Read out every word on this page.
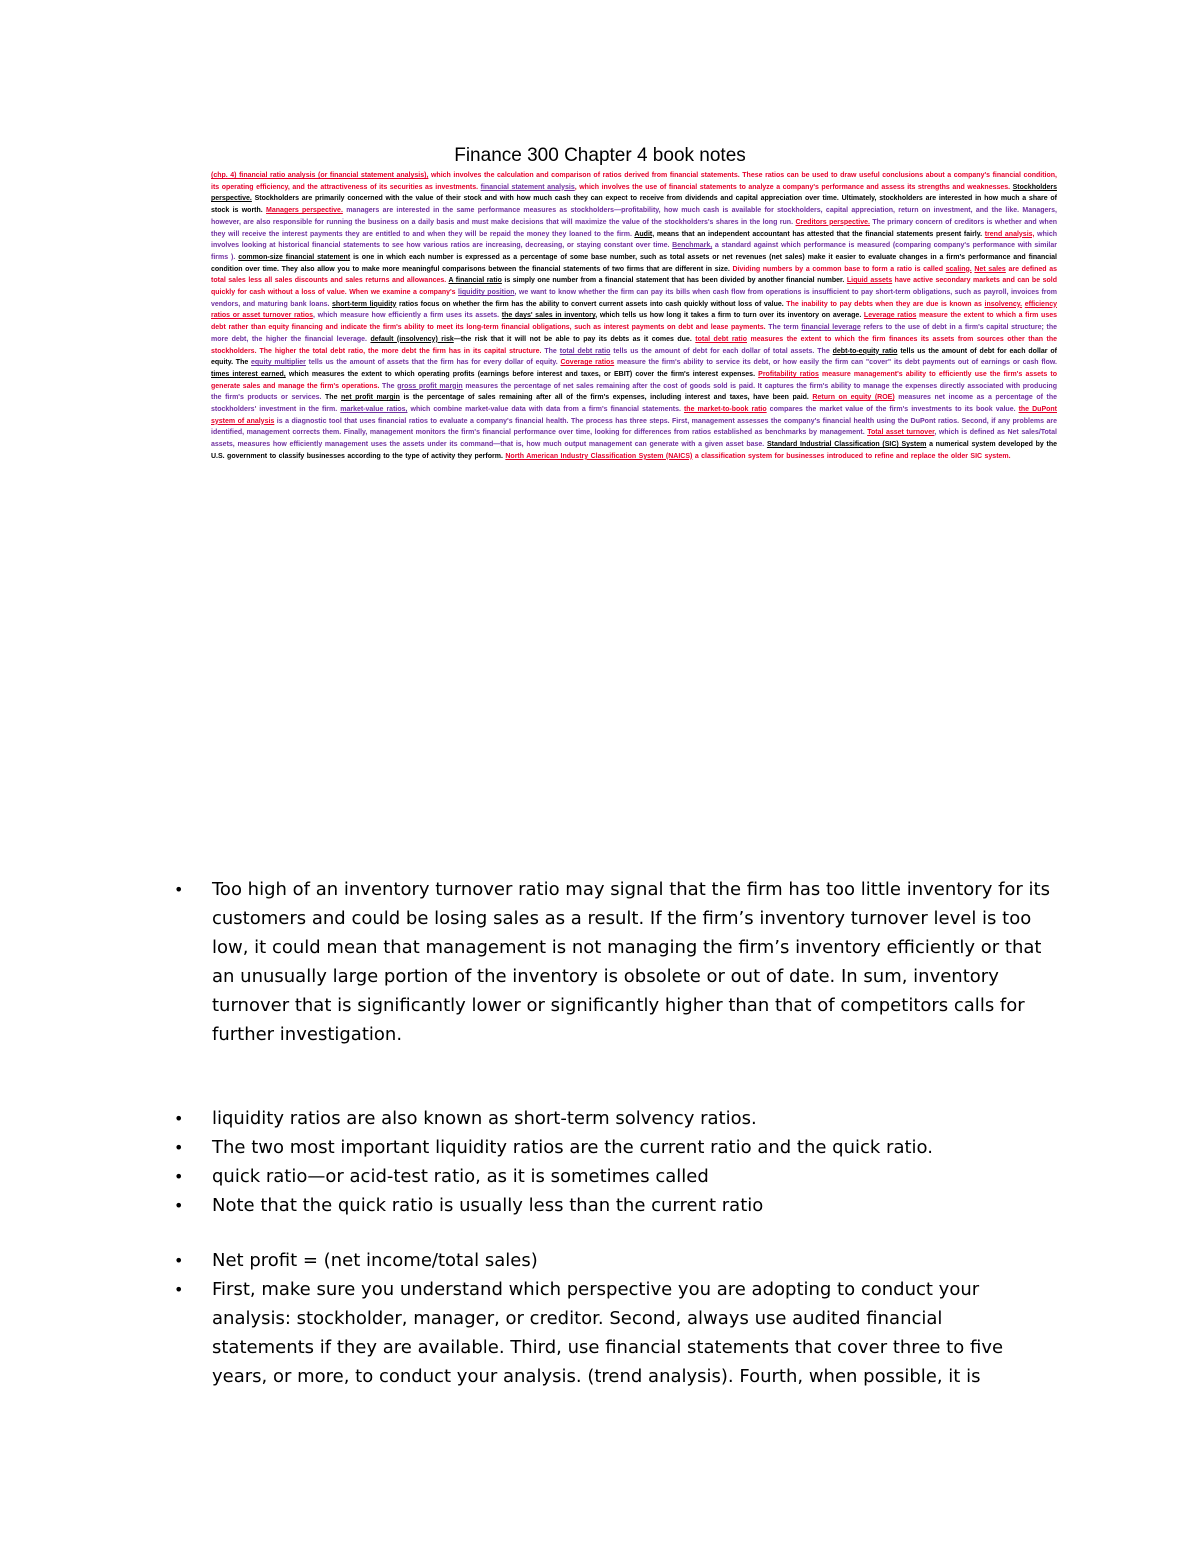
Finance 300 Chapter 4 book notes
(chp. 4) financial ratio analysis (or financial statement analysis), which involves the calculation and comparison of ratios derived from financial statements. These ratios can be used to draw useful conclusions about a company's financial condition, its operating efficiency, and the attractiveness of its securities as investments. financial statement analysis, which involves the use of financial statements to analyze a company's performance and assess its strengths and weaknesses. Stockholders perspective. Stockholders are primarily concerned with the value of their stock and with how much cash they can expect to receive from dividends and capital appreciation over time. Ultimately, stockholders are interested in how much a share of stock is worth. Managers perspective. managers are interested in the same performance measures as stockholders—profitability, how much cash is available for stockholders, capital appreciation, return on investment, and the like. Managers, however, are also responsible for running the business on a daily basis and must make decisions that will maximize the value of the stockholders's shares in the long run. Creditors perspective. The primary concern of creditors is whether and when they will receive the interest payments they are entitled to and when they will be repaid the money they loaned to the firm. Audit, means that an independent accountant has attested that the financial statements present fairly. trend analysis, which involves looking at historical financial statements to see how various ratios are increasing, decreasing, or staying constant over time. Benchmark, a standard against which performance is measured (comparing company's performance with similar firms ). common-size financial statement is one in which each number is expressed as a percentage of some base number, such as total assets or net revenues (net sales) make it easier to evaluate changes in a firm's performance and financial condition over time. They also allow you to make more meaningful comparisons between the financial statements of two firms that are different in size. Dividing numbers by a common base to form a ratio is called scaling. Net sales are defined as total sales less all sales discounts and sales returns and allowances. A financial ratio is simply one number from a financial statement that has been divided by another financial number. Liquid assets have active secondary markets and can be sold quickly for cash without a loss of value. When we examine a company's liquidity position, we want to know whether the firm can pay its bills when cash flow from operations is insufficient to pay short-term obligations, such as payroll, invoices from vendors, and maturing bank loans. short-term liquidity ratios focus on whether the firm has the ability to convert current assets into cash quickly without loss of value. The inability to pay debts when they are due is known as insolvency. efficiency ratios or asset turnover ratios, which measure how efficiently a firm uses its assets. the days' sales in inventory, which tells us how long it takes a firm to turn over its inventory on average. Leverage ratios measure the extent to which a firm uses debt rather than equity financing and indicate the firm's ability to meet its long-term financial obligations, such as interest payments on debt and lease payments. The term financial leverage refers to the use of debt in a firm's capital structure; the more debt, the higher the financial leverage. default (insolvency) risk—the risk that it will not be able to pay its debts as it comes due. total debt ratio measures the extent to which the firm finances its assets from sources other than the stockholders. The higher the total debt ratio, the more debt the firm has in its capital structure. The total debt ratio tells us the amount of debt for each dollar of total assets. The debt-to-equity ratio tells us the amount of debt for each dollar of equity. The equity multiplier tells us the amount of assets that the firm has for every dollar of equity. Coverage ratios measure the firm's ability to service its debt, or how easily the firm can "cover" its debt payments out of earnings or cash flow. times interest earned, which measures the extent to which operating profits (earnings before interest and taxes, or EBIT) cover the firm's interest expenses. Profitability ratios measure management's ability to efficiently use the firm's assets to generate sales and manage the firm's operations. The gross profit margin measures the percentage of net sales remaining after the cost of goods sold is paid. It captures the firm's ability to manage the expenses directly associated with producing the firm's products or services. The net profit margin is the percentage of sales remaining after all of the firm's expenses, including interest and taxes, have been paid. Return on equity (ROE) measures net income as a percentage of the stockholders' investment in the firm. market-value ratios, which combine market-value data with data from a firm's financial statements. the market-to-book ratio compares the market value of the firm's investments to its book value. the DuPont system of analysis is a diagnostic tool that uses financial ratios to evaluate a company's financial health. The process has three steps. First, management assesses the company's financial health using the DuPont ratios. Second, if any problems are identified, management corrects them. Finally, management monitors the firm's financial performance over time, looking for differences from ratios established as benchmarks by management. Total asset turnover, which is defined as Net sales/Total assets, measures how efficiently management uses the assets under its command—that is, how much output management can generate with a given asset base. Standard Industrial Classification (SIC) System a numerical system developed by the U.S. government to classify businesses according to the type of activity they perform. North American Industry Classification System (NAICS) a classification system for businesses introduced to refine and replace the older SIC system.
• Too high of an inventory turnover ratio may signal that the firm has too little inventory for its customers and could be losing sales as a result. If the firm’s inventory turnover level is too low, it could mean that management is not managing the firm’s inventory efficiently or that an unusually large portion of the inventory is obsolete or out of date. In sum, inventory turnover that is significantly lower or significantly higher than that of competitors calls for further investigation.
• liquidity ratios are also known as short-term solvency ratios.
• The two most important liquidity ratios are the current ratio and the quick ratio.
• quick ratio—or acid-test ratio, as it is sometimes called
• Note that the quick ratio is usually less than the current ratio
• Net profit = (net income/total sales)
• First, make sure you understand which perspective you are adopting to conduct your analysis: stockholder, manager, or creditor. Second, always use audited financial statements if they are available. Third, use financial statements that cover three to five years, or more, to conduct your analysis. (trend analysis). Fourth, when possible, it is
